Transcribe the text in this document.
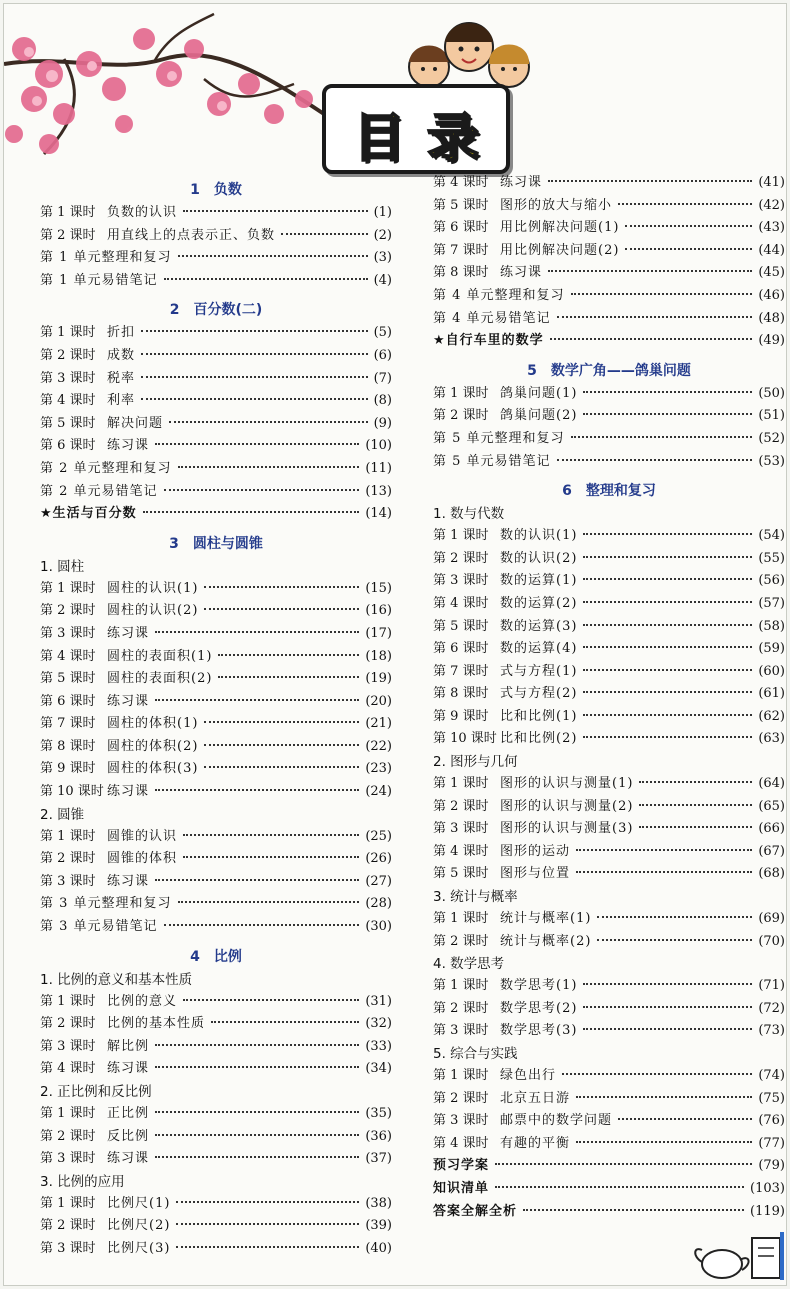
目录
1　负数
第 1 课时 负数的认识	(1)
第 2 课时 用直线上的点表示正、负数	(2)
第 1 单元整理和复习	(3)
第 1 单元易错笔记	(4)
2　百分数(二)
第 1 课时 折扣	(5)
第 2 课时 成数	(6)
第 3 课时 税率	(7)
第 4 课时 利率	(8)
第 5 课时 解决问题	(9)
第 6 课时 练习课	(10)
第 2 单元整理和复习	(11)
第 2 单元易错笔记	(13)
★生活与百分数	(14)
3　圆柱与圆锥
1. 圆柱
第 1 课时 圆柱的认识(1)	(15)
第 2 课时 圆柱的认识(2)	(16)
第 3 课时 练习课	(17)
第 4 课时 圆柱的表面积(1)	(18)
第 5 课时 圆柱的表面积(2)	(19)
第 6 课时 练习课	(20)
第 7 课时 圆柱的体积(1)	(21)
第 8 课时 圆柱的体积(2)	(22)
第 9 课时 圆柱的体积(3)	(23)
第 10 课时 练习课	(24)
2. 圆锥
第 1 课时 圆锥的认识	(25)
第 2 课时 圆锥的体积	(26)
第 3 课时 练习课	(27)
第 3 单元整理和复习	(28)
第 3 单元易错笔记	(30)
4　比例
1. 比例的意义和基本性质
第 1 课时 比例的意义	(31)
第 2 课时 比例的基本性质	(32)
第 3 课时 解比例	(33)
第 4 课时 练习课	(34)
2. 正比例和反比例
第 1 课时 正比例	(35)
第 2 课时 反比例	(36)
第 3 课时 练习课	(37)
3. 比例的应用
第 1 课时 比例尺(1)	(38)
第 2 课时 比例尺(2)	(39)
第 3 课时 比例尺(3)	(40)
第 4 课时 练习课	(41)
第 5 课时 图形的放大与缩小	(42)
第 6 课时 用比例解决问题(1)	(43)
第 7 课时 用比例解决问题(2)	(44)
第 8 课时 练习课	(45)
第 4 单元整理和复习	(46)
第 4 单元易错笔记	(48)
★自行车里的数学	(49)
5　数学广角——鸽巢问题
第 1 课时 鸽巢问题(1)	(50)
第 2 课时 鸽巢问题(2)	(51)
第 5 单元整理和复习	(52)
第 5 单元易错笔记	(53)
6　整理和复习
1. 数与代数
第 1 课时 数的认识(1)	(54)
第 2 课时 数的认识(2)	(55)
第 3 课时 数的运算(1)	(56)
第 4 课时 数的运算(2)	(57)
第 5 课时 数的运算(3)	(58)
第 6 课时 数的运算(4)	(59)
第 7 课时 式与方程(1)	(60)
第 8 课时 式与方程(2)	(61)
第 9 课时 比和比例(1)	(62)
第 10 课时 比和比例(2)	(63)
2. 图形与几何
第 1 课时 图形的认识与测量(1)	(64)
第 2 课时 图形的认识与测量(2)	(65)
第 3 课时 图形的认识与测量(3)	(66)
第 4 课时 图形的运动	(67)
第 5 课时 图形与位置	(68)
3. 统计与概率
第 1 课时 统计与概率(1)	(69)
第 2 课时 统计与概率(2)	(70)
4. 数学思考
第 1 课时 数学思考(1)	(71)
第 2 课时 数学思考(2)	(72)
第 3 课时 数学思考(3)	(73)
5. 综合与实践
第 1 课时 绿色出行	(74)
第 2 课时 北京五日游	(75)
第 3 课时 邮票中的数学问题	(76)
第 4 课时 有趣的平衡	(77)
预习学案	(79)
知识清单	(103)
答案全解全析	(119)
